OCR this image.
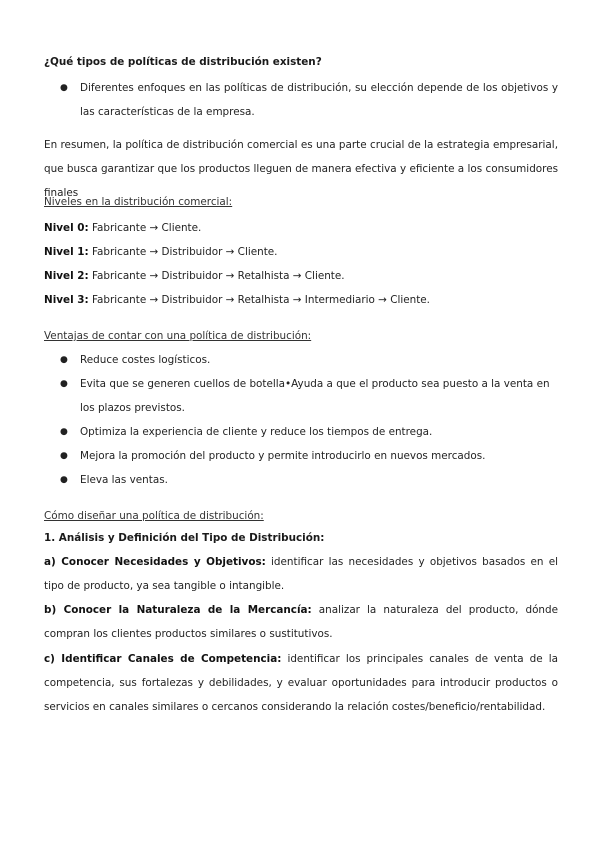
¿Qué tipos de políticas de distribución existen?
● Diferentes enfoques en las políticas de distribución, su elección depende de los objetivos y las características de la empresa.
En resumen, la política de distribución comercial es una parte crucial de la estrategia empresarial, que busca garantizar que los productos lleguen de manera efectiva y eficiente a los consumidores finales
Niveles en la distribución comercial:
Nivel 0: Fabricante → Cliente.
Nivel 1: Fabricante → Distribuidor → Cliente.
Nivel 2: Fabricante → Distribuidor → Retalhista → Cliente.
Nivel 3: Fabricante → Distribuidor → Retalhista → Intermediario → Cliente.
Ventajas de contar con una política de distribución:
● Reduce costes logísticos.
● Evita que se generen cuellos de botella•Ayuda a que el producto sea puesto a la venta en los plazos previstos.
● Optimiza la experiencia de cliente y reduce los tiempos de entrega.
● Mejora la promoción del producto y permite introducirlo en nuevos mercados.
● Eleva las ventas.
Cómo diseñar una política de distribución:
1. Análisis y Definición del Tipo de Distribución:
a) Conocer Necesidades y Objetivos: identificar las necesidades y objetivos basados en el tipo de producto, ya sea tangible o intangible.
b) Conocer la Naturaleza de la Mercancía: analizar la naturaleza del producto, dónde compran los clientes productos similares o sustitutivos.
c) Identificar Canales de Competencia: identificar los principales canales de venta de la competencia, sus fortalezas y debilidades, y evaluar oportunidades para introducir productos o servicios en canales similares o cercanos considerando la relación costes/beneficio/rentabilidad.
